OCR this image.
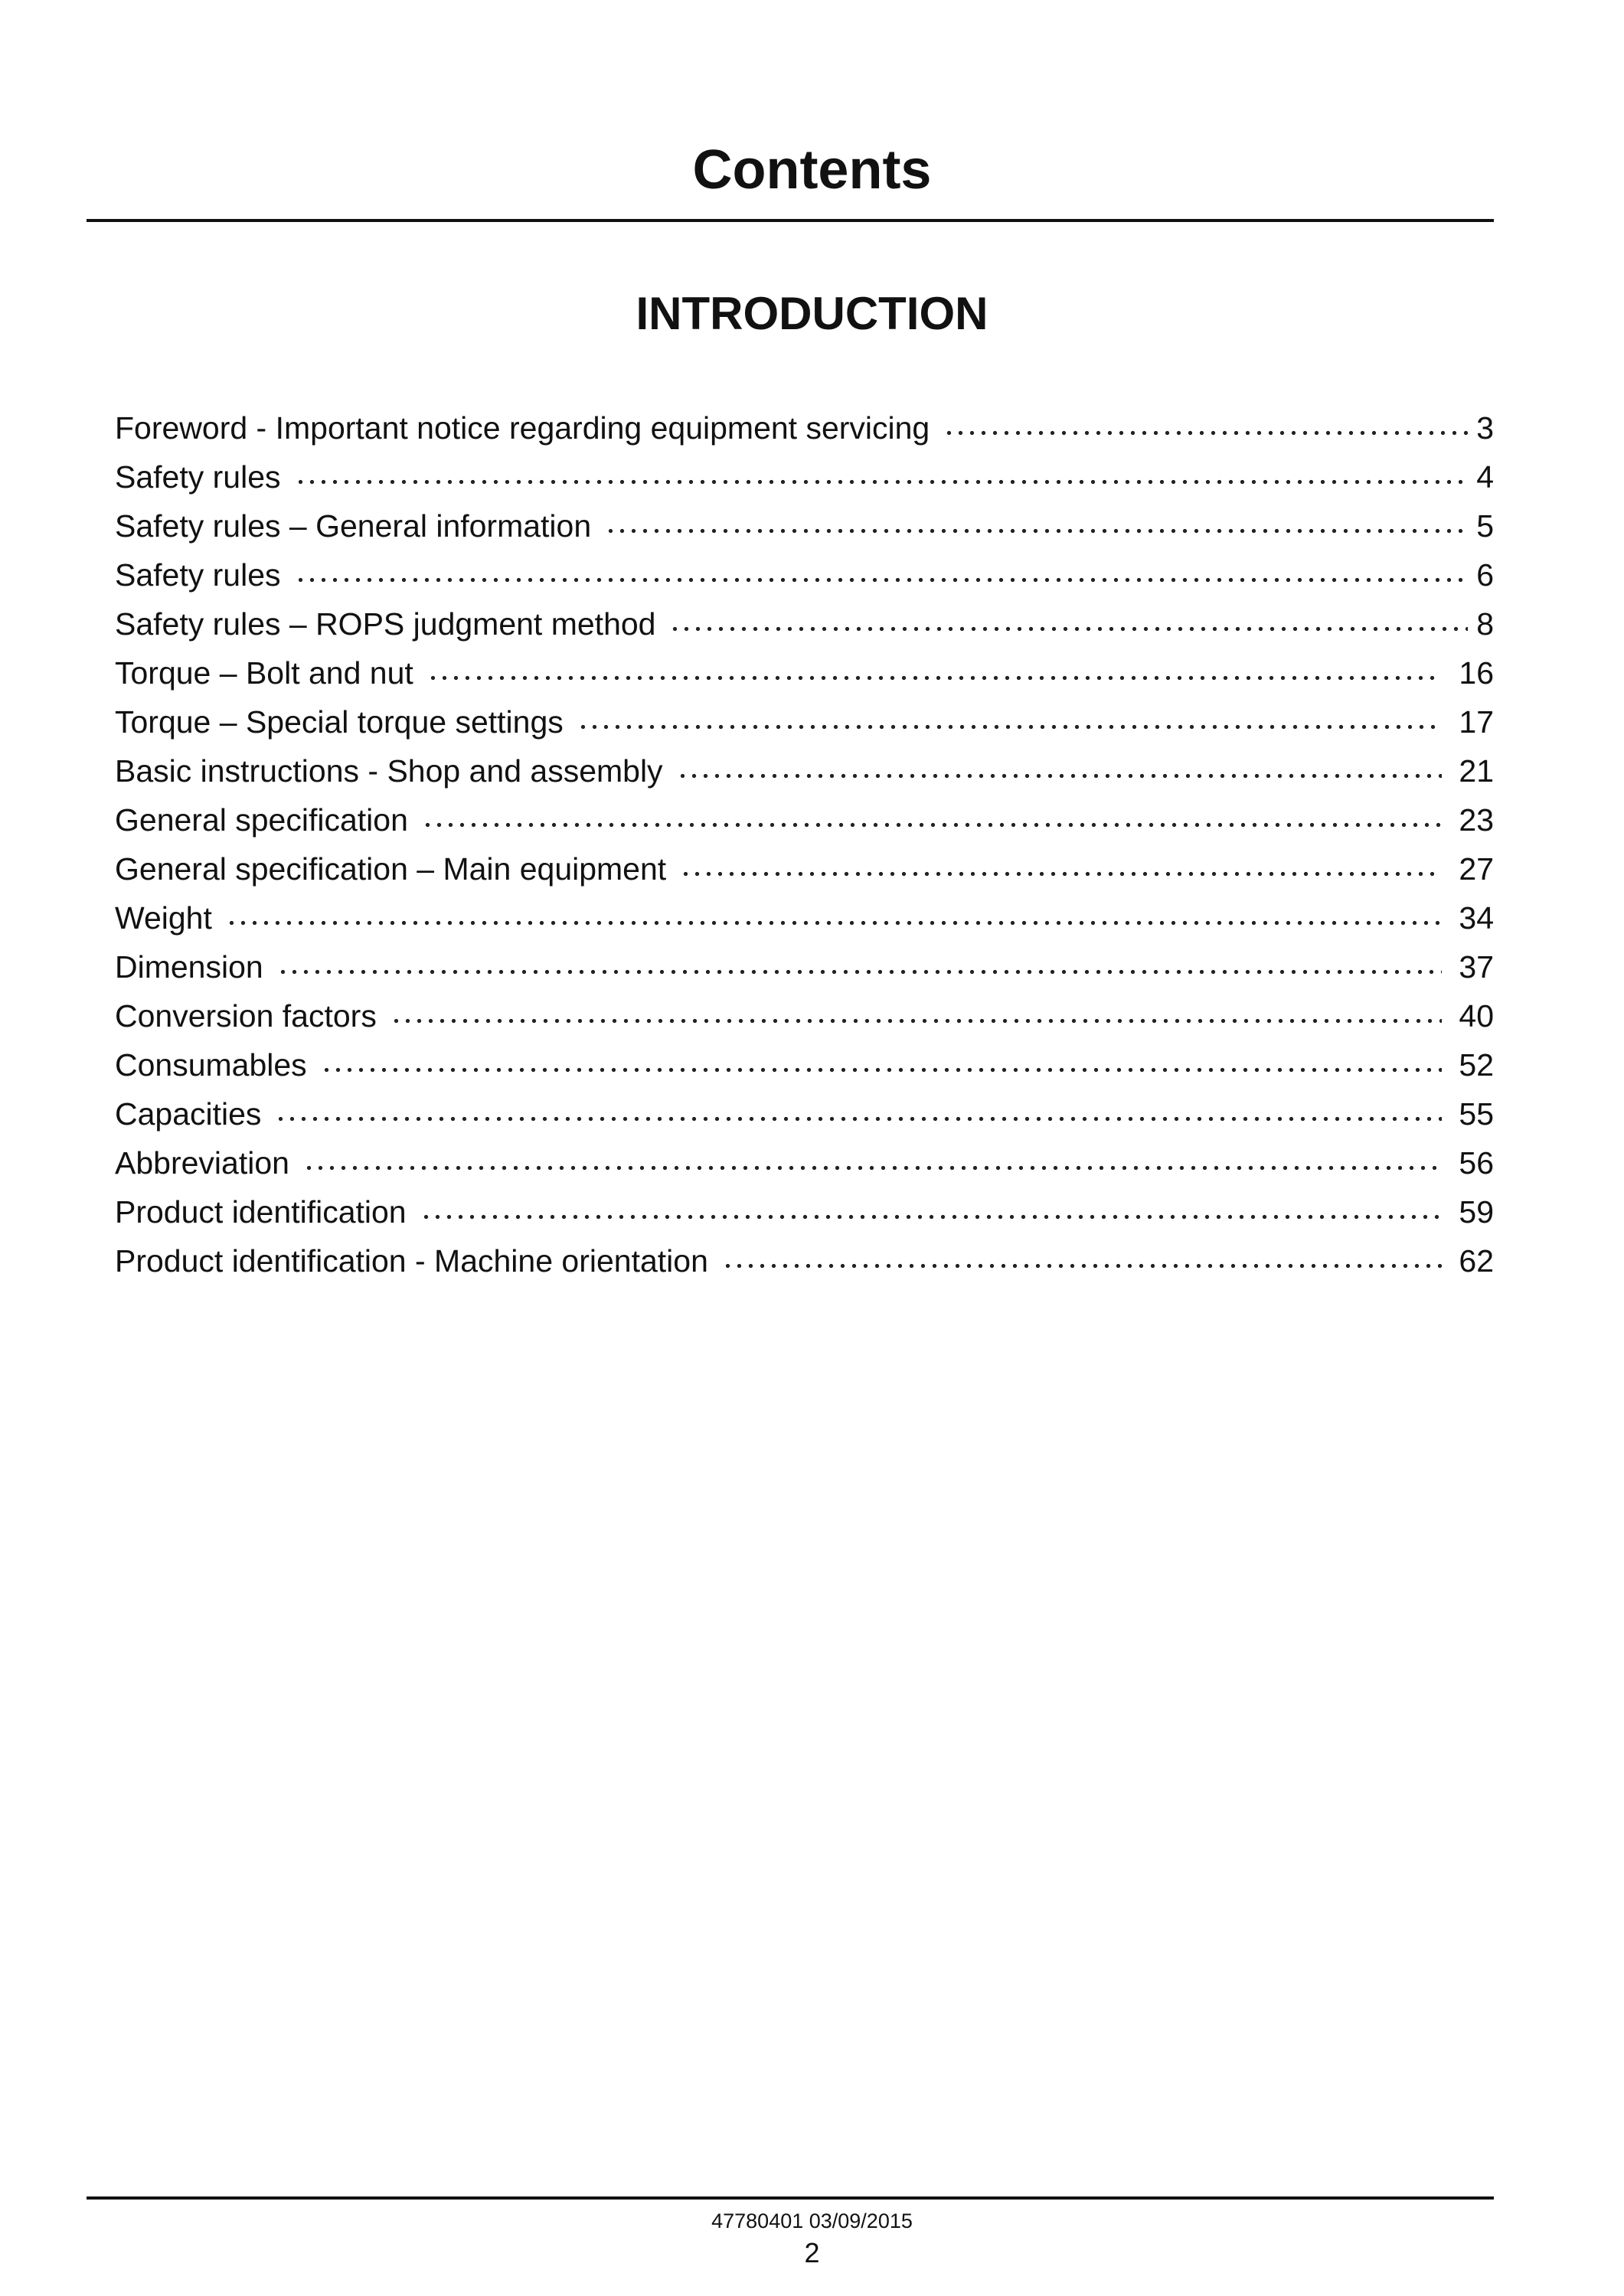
Contents
INTRODUCTION
Foreword - Important notice regarding equipment servicing	3
Safety rules	4
Safety rules – General information	5
Safety rules	6
Safety rules – ROPS judgment method	8
Torque – Bolt and nut	16
Torque – Special torque settings	17
Basic instructions - Shop and assembly	21
General specification	23
General specification – Main equipment	27
Weight	34
Dimension	37
Conversion factors	40
Consumables	52
Capacities	55
Abbreviation	56
Product identification	59
Product identification - Machine orientation	62
47780401 03/09/2015
2
